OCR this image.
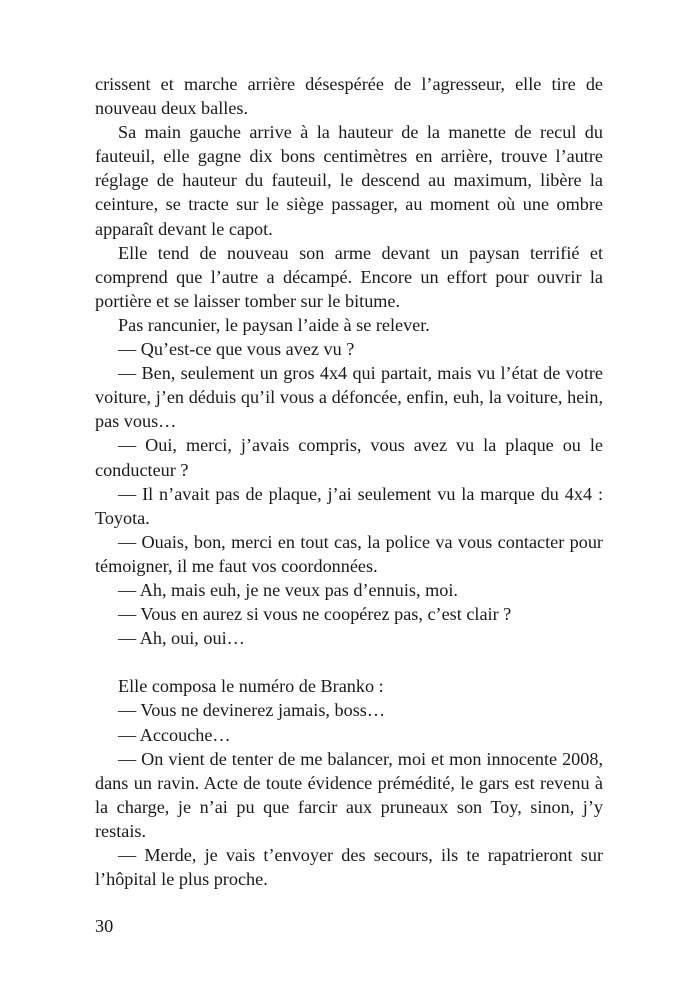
crissent et marche arrière désespérée de l’agresseur, elle tire de nouveau deux balles.

Sa main gauche arrive à la hauteur de la manette de recul du fauteuil, elle gagne dix bons centimètres en arrière, trouve l’autre réglage de hauteur du fauteuil, le descend au maximum, libère la ceinture, se tracte sur le siège passager, au moment où une ombre apparaît devant le capot.

Elle tend de nouveau son arme devant un paysan terrifié et comprend que l’autre a décampé. Encore un effort pour ouvrir la portière et se laisser tomber sur le bitume.

Pas rancunier, le paysan l’aide à se relever.

— Qu’est-ce que vous avez vu ?

— Ben, seulement un gros 4x4 qui partait, mais vu l’état de votre voiture, j’en déduis qu’il vous a défoncée, enfin, euh, la voiture, hein, pas vous…

— Oui, merci, j’avais compris, vous avez vu la plaque ou le conducteur ?

— Il n’avait pas de plaque, j’ai seulement vu la marque du 4x4 : Toyota.

— Ouais, bon, merci en tout cas, la police va vous contacter pour témoigner, il me faut vos coordonnées.

— Ah, mais euh, je ne veux pas d’ennuis, moi.

— Vous en aurez si vous ne coopérez pas, c’est clair ?

— Ah, oui, oui…

Elle composa le numéro de Branko :

— Vous ne devinerez jamais, boss…

— Accouche…

— On vient de tenter de me balancer, moi et mon innocente 2008, dans un ravin. Acte de toute évidence prémédité, le gars est revenu à la charge, je n’ai pu que farcir aux pruneaux son Toy, sinon, j’y restais.

— Merde, je vais t’envoyer des secours, ils te rapatrieront sur l’hôpital le plus proche.

30
